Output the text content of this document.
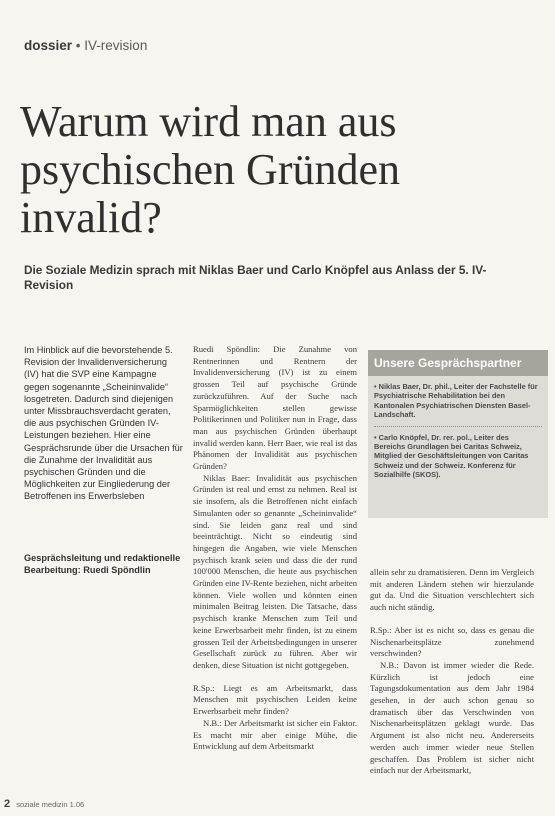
dossier • IV-revision
Warum wird man aus psychischen Gründen invalid?

Die Soziale Medizin sprach mit Niklas Baer und Carlo Knöpfel aus Anlass der 5. IV-Revision

Im Hinblick auf die bevorstehende 5. Revision der Invalidenversicherung (IV) hat die SVP eine Kampagne gegen sogenannte „Scheininvalide“ losgetreten. Dadurch sind diejenigen unter Missbrauchsverdacht geraten, die aus psychischen Gründen IV-Leistungen beziehen. Hier eine Gesprächsrunde über die Ursachen für die Zunahme der Invalidität aus psychischen Gründen und die Möglichkeiten zur Eingliederung der Betroffenen ins Erwerbsleben

Gesprächsleitung und redaktionelle Bearbeitung: Ruedi Spöndlin

Ruedi Spöndlin: Die Zunahme von Rentnerinnen und Rentnern der Invalidenversicherung (IV) ist zu einem grossen Teil auf psychische Gründe zurückzuführen. Auf der Suche nach Sparmöglichkeiten stellen gewisse Politikerinnen und Politiker nun in Frage, dass man aus psychischen Gründen überhaupt invalid werden kann. Herr Baer, wie real ist das Phänomen der Invalidität aus psychischen Gründen?

Niklas Baer: Invalidität aus psychischen Gründen ist real und ernst zu nehmen. Real ist sie insofern, als die Betroffenen nicht einfach Simulanten oder so genannte „Scheininvalide“ sind. Sie leiden ganz real und sind beeinträchtigt. Nicht so eindeutig sind hingegen die Angaben, wie viele Menschen psychisch krank seien und dass die der rund 100'000 Menschen, die heute aus psychischen Gründen eine IV-Rente beziehen, nicht arbeiten können. Viele wollen und könnten einen minimalen Beitrag leisten. Die Tatsache, dass psychisch kranke Menschen zum Teil und keine Erwerbsarbeit mehr finden, ist zu einem grossen Teil der Arbeitsbedingungen in unserer Gesellschaft zurück zu führen. Aber wir denken, diese Situation ist nicht gottgegeben.

R.Sp.: Liegt es am Arbeitsmarkt, dass Menschen mit psychischen Leiden keine Erwerbsarbeit mehr finden?

N.B.: Der Arbeitsmarkt ist sicher ein Faktor. Es macht mir aber einige Mühe, die Entwicklung auf dem Arbeitsmarkt

Unsere Gesprächspartner
• Niklas Baer, Dr. phil., Leiter der Fachstelle für Psychiatrische Rehabilitation bei den Kantonalen Psychiatrischen Diensten Basel-Landschaft.
• Carlo Knöpfel, Dr. rer. pol., Leiter des Bereichs Grundlagen bei Caritas Schweiz, Mitglied der Geschäftsleitungen von Caritas Schweiz und der Schweiz. Konferenz für Sozialhilfe (SKOS).

allein sehr zu dramatisieren. Denn im Vergleich mit anderen Ländern stehen wir hierzulande gut da. Und die Situation verschlechtert sich auch nicht ständig.

R.Sp.: Aber ist es nicht so, dass es genau die Nischenarbeitsplätze zunehmend verschwinden?

N.B.: Davon ist immer wieder die Rede. Kürzlich ist jedoch eine Tagungsdokumentation aus dem Jahr 1984 gesehen, in der auch schon genau so dramatisch über das Verschwinden von Nischenarbeitsplätzen geklagt wurde. Das Argument ist also nicht neu. Andererseits werden auch immer wieder neue Stellen geschaffen. Das Problem ist sicher nicht einfach nur der Arbeitsmarkt,

2 soziale medizin 1.06
